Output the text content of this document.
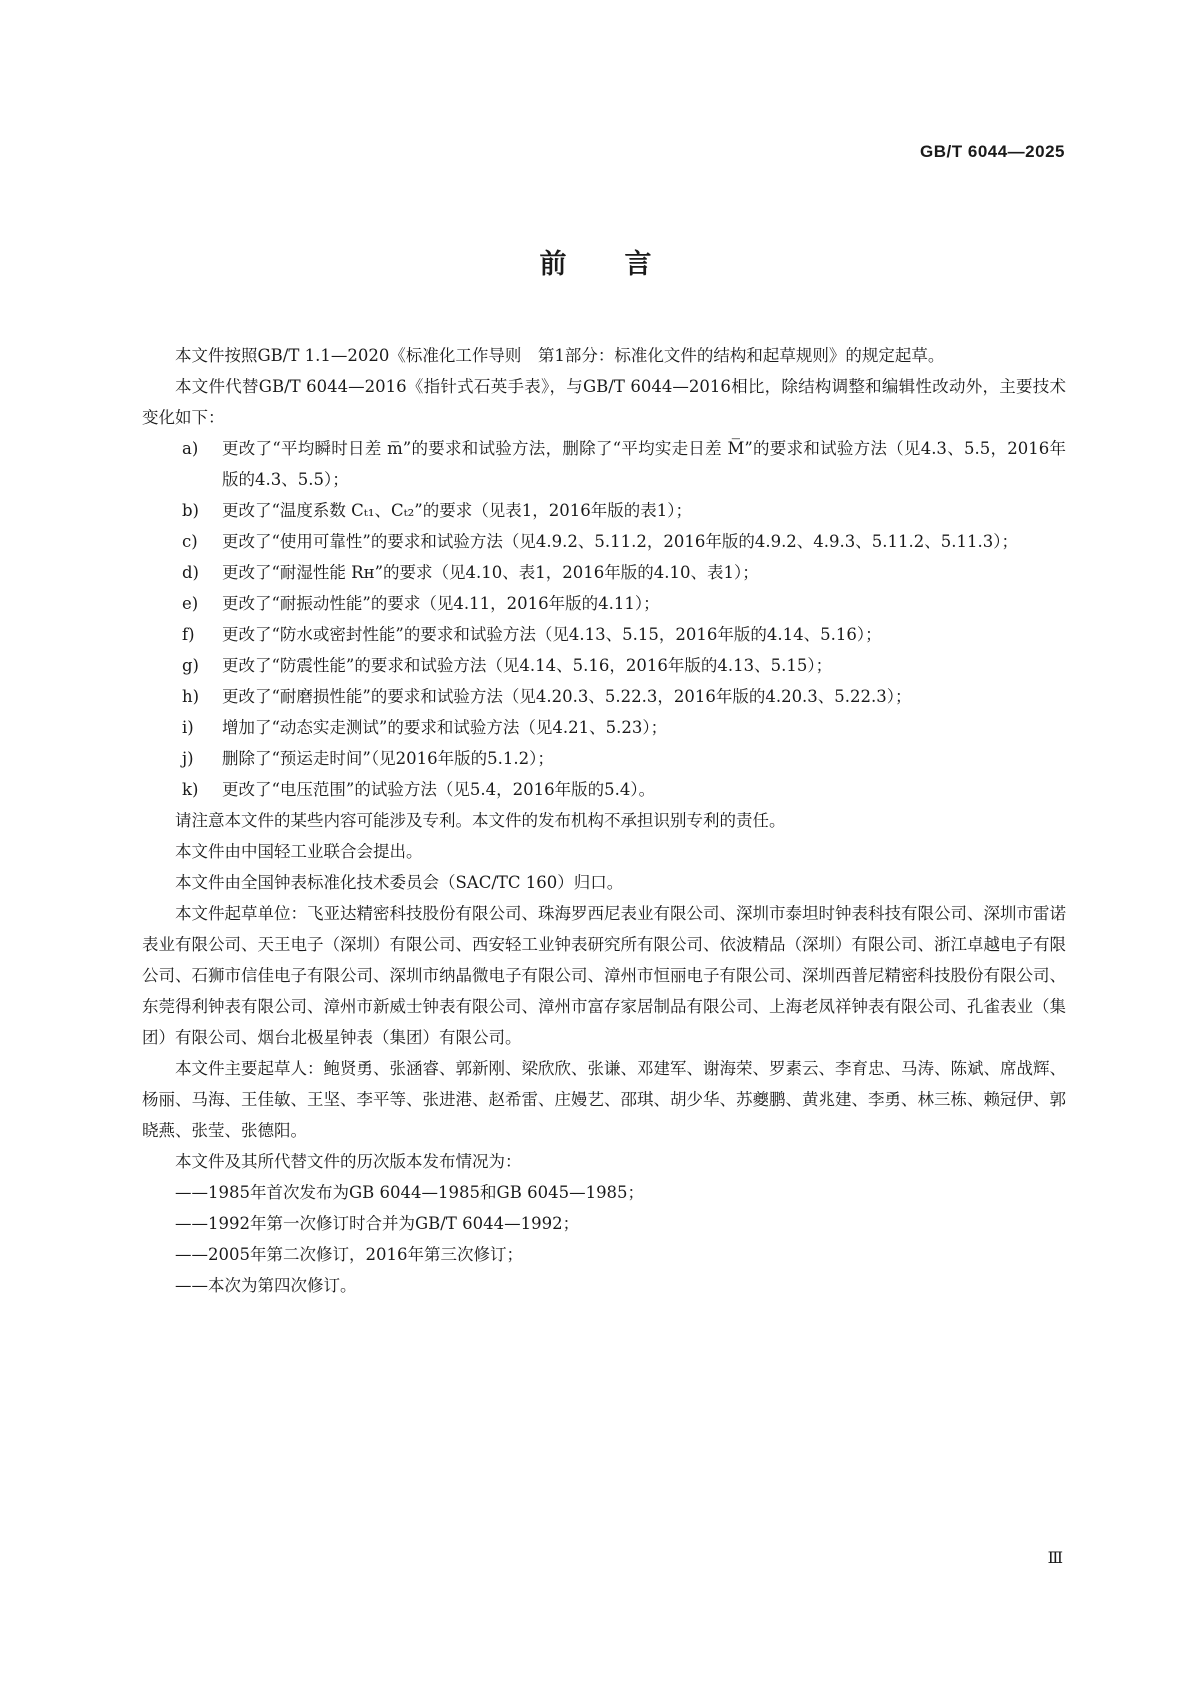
GB/T 6044—2025
前言

本文件按照GB/T 1.1—2020《标准化工作导则　第1部分：标准化文件的结构和起草规则》的规定起草。

本文件代替GB/T 6044—2016《指针式石英手表》，与GB/T 6044—2016相比，除结构调整和编辑性改动外，主要技术变化如下：

a)	更改了“平均瞬时日差 m̅”的要求和试验方法，删除了“平均实走日差 M̅”的要求和试验方法（见4.3、5.5，2016年版的4.3、5.5）；
b)	更改了“温度系数 Cₜ₁、Cₜ₂”的要求（见表1，2016年版的表1）；
c)	更改了“使用可靠性”的要求和试验方法（见4.9.2、5.11.2，2016年版的4.9.2、4.9.3、5.11.2、5.11.3）；
d)	更改了“耐湿性能 Rн”的要求（见4.10、表1，2016年版的4.10、表1）；
e)	更改了“耐振动性能”的要求（见4.11，2016年版的4.11）；
f)	更改了“防水或密封性能”的要求和试验方法（见4.13、5.15，2016年版的4.14、5.16）；
g)	更改了“防震性能”的要求和试验方法（见4.14、5.16，2016年版的4.13、5.15）；
h)	更改了“耐磨损性能”的要求和试验方法（见4.20.3、5.22.3，2016年版的4.20.3、5.22.3）；
i)	增加了“动态实走测试”的要求和试验方法（见4.21、5.23）；
j)	删除了“预运走时间”（见2016年版的5.1.2）；
k)	更改了“电压范围”的试验方法（见5.4，2016年版的5.4）。

请注意本文件的某些内容可能涉及专利。本文件的发布机构不承担识别专利的责任。

本文件由中国轻工业联合会提出。

本文件由全国钟表标准化技术委员会（SAC/TC 160）归口。

本文件起草单位：飞亚达精密科技股份有限公司、珠海罗西尼表业有限公司、深圳市泰坦时钟表科技有限公司、深圳市雷诺表业有限公司、天王电子（深圳）有限公司、西安轻工业钟表研究所有限公司、依波精品（深圳）有限公司、浙江卓越电子有限公司、石狮市信佳电子有限公司、深圳市纳晶微电子有限公司、漳州市恒丽电子有限公司、深圳西普尼精密科技股份有限公司、东莞得利钟表有限公司、漳州市新威士钟表有限公司、漳州市富存家居制品有限公司、上海老凤祥钟表有限公司、孔雀表业（集团）有限公司、烟台北极星钟表（集团）有限公司。

本文件主要起草人：鲍贤勇、张涵睿、郭新刚、梁欣欣、张谦、邓建军、谢海荣、罗素云、李育忠、马涛、陈斌、席战辉、杨丽、马海、王佳敏、王坚、李平等、张进港、赵希雷、庄嫚艺、邵琪、胡少华、苏夔鹏、黄兆建、李勇、林三栋、赖冠伊、郭晓燕、张莹、张德阳。

本文件及其所代替文件的历次版本发布情况为：

——1985年首次发布为GB 6044—1985和GB 6045—1985；

——1992年第一次修订时合并为GB/T 6044—1992；

——2005年第二次修订，2016年第三次修订；

——本次为第四次修订。

Ⅲ
